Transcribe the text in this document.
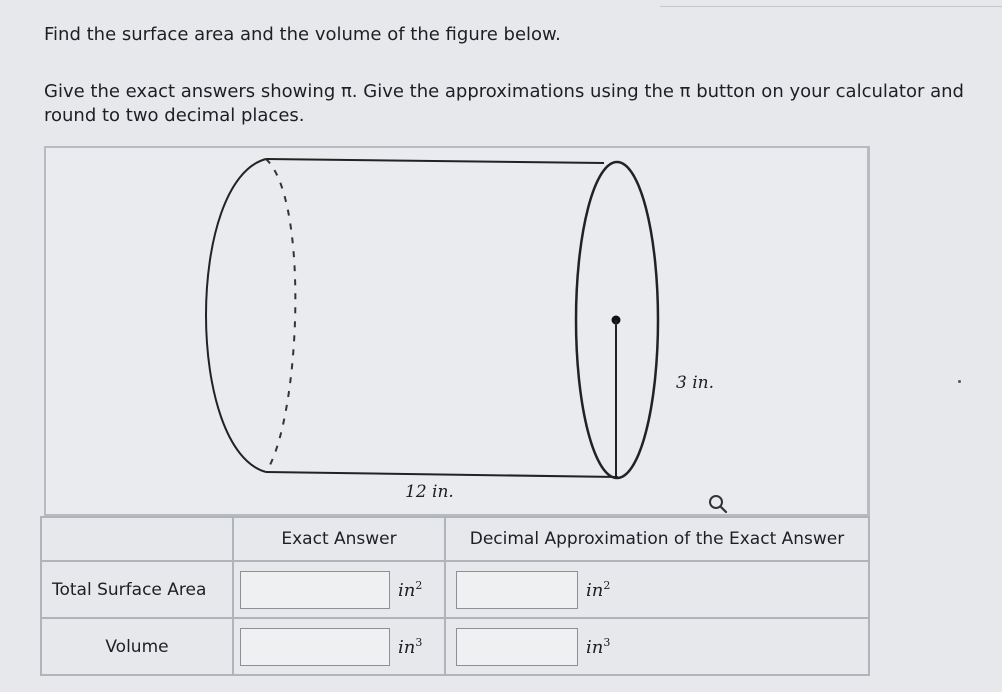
Find the surface area and the volume of the figure below.
Give the exact answers showing π. Give the approximations using the π button on your calculator and round to two decimal places.
3 in.
12 in.
	Exact Answer	Decimal Approximation of the Exact Answer
Total Surface Area	$in^2$	$in^2$

Volume	$in^3$	$in^3$
